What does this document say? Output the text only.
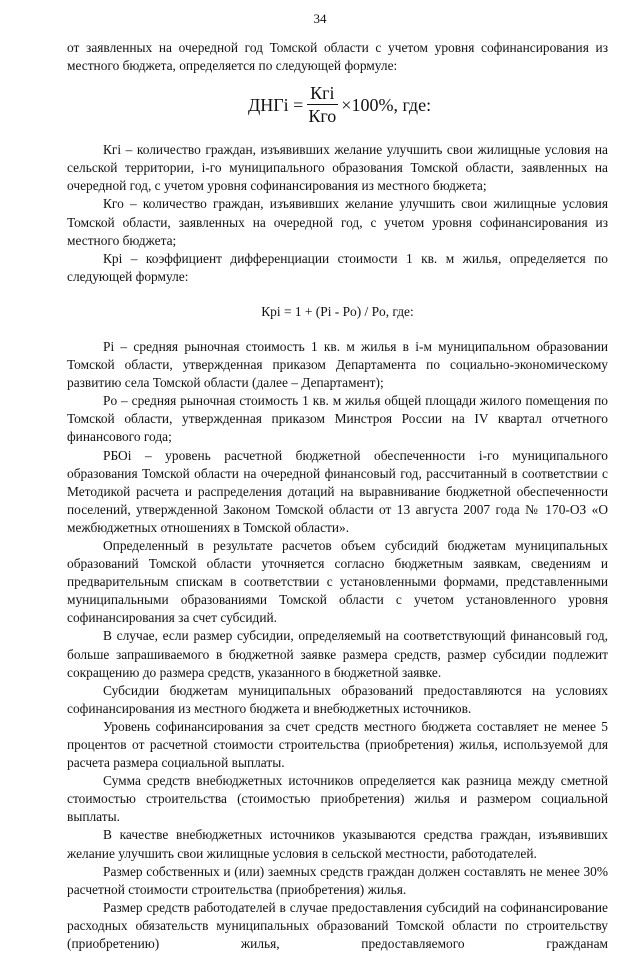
34

от заявленных на очередной год Томской области с учетом уровня софинансирования из местного бюджета, определяется по следующей формуле:

ДНГi = $\frac{\text{Кгi}}{\text{Кго}} \times 100\%$, где:

Кгi – количество граждан, изъявивших желание улучшить свои жилищные условия на сельской территории, i-го муниципального образования Томской области, заявленных на очередной год, с учетом уровня софинансирования из местного бюджета;

Кго – количество граждан, изъявивших желание улучшить свои жилищные условия Томской области, заявленных на очередной год, с учетом уровня софинансирования из местного бюджета;

Кpi – коэффициент дифференциации стоимости 1 кв. м жилья, определяется по следующей формуле:

Кpi = 1 + (Pi - Po) / Po, где:

Pi – средняя рыночная стоимость 1 кв. м жилья в i-м муниципальном образовании Томской области, утвержденная приказом Департамента по социально-экономическому развитию села Томской области (далее – Департамент);

Po – средняя рыночная стоимость 1 кв. м жилья общей площади жилого помещения по Томской области, утвержденная приказом Минстроя России на IV квартал отчетного финансового года;

РБОi – уровень расчетной бюджетной обеспеченности i-го муниципального образования Томской области на очередной финансовый год, рассчитанный в соответствии с Методикой расчета и распределения дотаций на выравнивание бюджетной обеспеченности поселений, утвержденной Законом Томской области от 13 августа 2007 года № 170-ОЗ «О межбюджетных отношениях в Томской области».

Определенный в результате расчетов объем субсидий бюджетам муниципальных образований Томской области уточняется согласно бюджетным заявкам, сведениям и предварительным спискам в соответствии с установленными формами, представленными муниципальными образованиями Томской области с учетом установленного уровня софинансирования за счет субсидий.

В случае, если размер субсидии, определяемый на соответствующий финансовый год, больше запрашиваемого в бюджетной заявке размера средств, размер субсидии подлежит сокращению до размера средств, указанного в бюджетной заявке.

Субсидии бюджетам муниципальных образований предоставляются на условиях софинансирования из местного бюджета и внебюджетных источников.

Уровень софинансирования за счет средств местного бюджета составляет не менее 5 процентов от расчетной стоимости строительства (приобретения) жилья, используемой для расчета размера социальной выплаты.

Сумма средств внебюджетных источников определяется как разница между сметной стоимостью строительства (стоимостью приобретения) жилья и размером социальной выплаты.

В качестве внебюджетных источников указываются средства граждан, изъявивших желание улучшить свои жилищные условия в сельской местности, работодателей.

Размер собственных и (или) заемных средств граждан должен составлять не менее 30% расчетной стоимости строительства (приобретения) жилья.

Размер средств работодателей в случае предоставления субсидий на софинансирование расходных обязательств муниципальных образований Томской области по строительству (приобретению) жилья, предоставляемого гражданам
